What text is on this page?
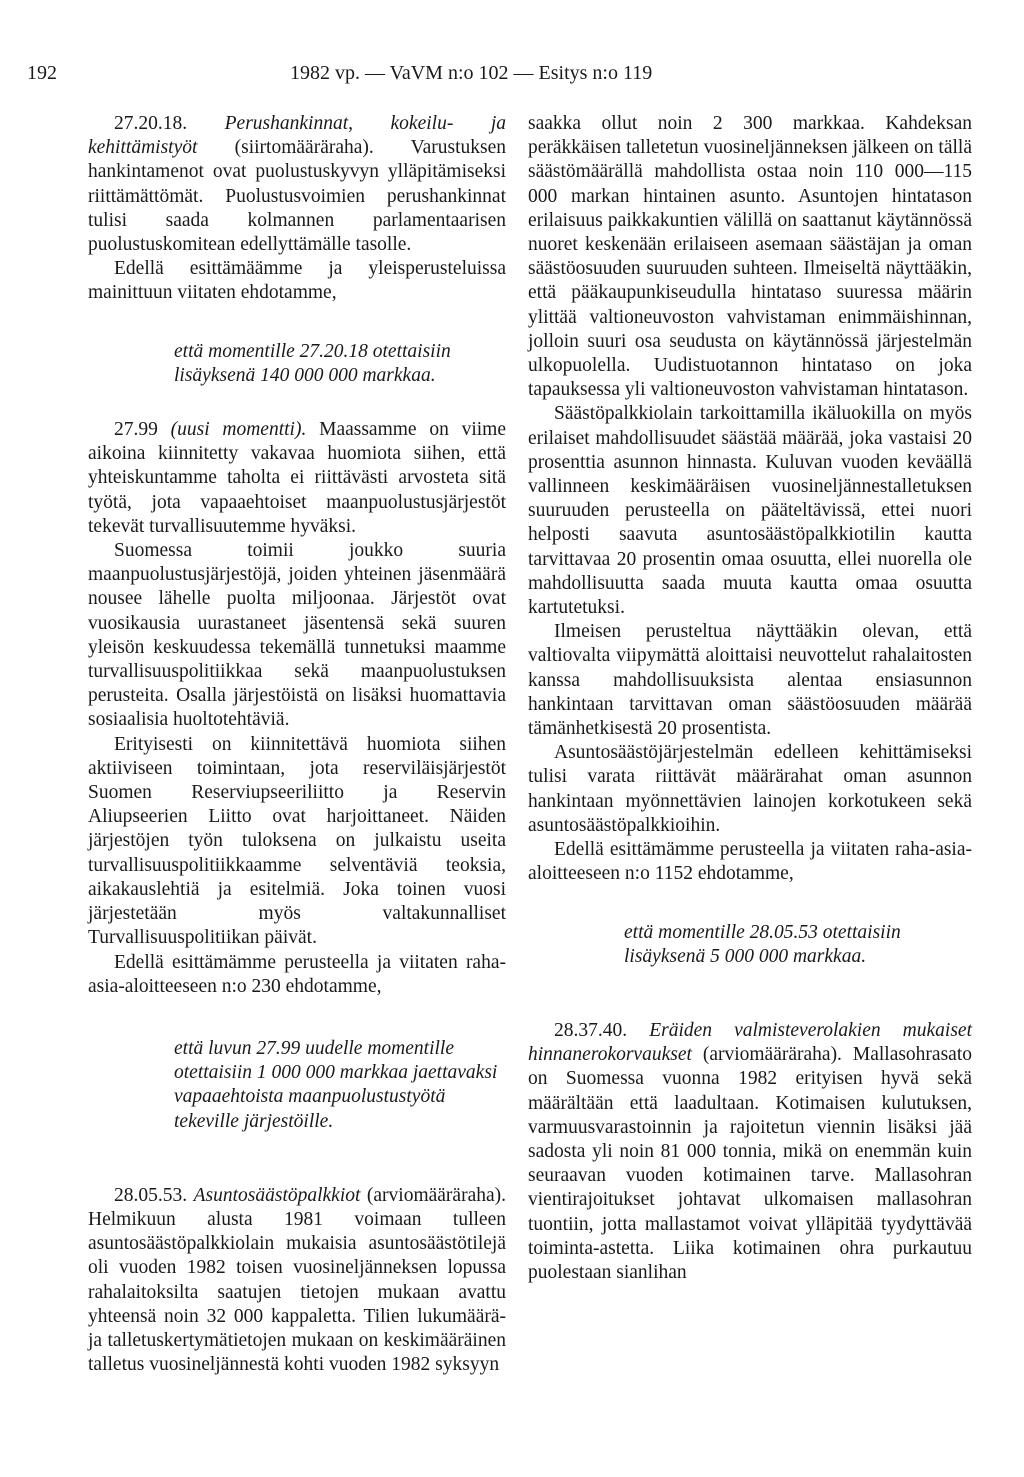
192	1982 vp. — VaVM n:o 102 — Esitys n:o 119

27.20.18. Perushankinnat, kokeilu- ja kehittämistyöt (siirtomääräraha). Varustuksen hankintamenot ovat puolustuskyvyn ylläpitämiseksi riittämättömät. Puolustusvoimien perushankinnat tulisi saada kolmannen parlamentaarisen puolustuskomitean edellyttämälle tasolle.

Edellä esittämäämme ja yleisperusteluissa mainittuun viitaten ehdotamme,

että momentille 27.20.18 otettaisiin lisäyksenä 140 000 000 markkaa.

27.99 (uusi momentti). Maassamme on viime aikoina kiinnitetty vakavaa huomiota siihen, että yhteiskuntamme taholta ei riittävästi arvosteta sitä työtä, jota vapaaehtoiset maanpuolustusjärjestöt tekevät turvallisuutemme hyväksi.

Suomessa toimii joukko suuria maanpuolustusjärjestöjä, joiden yhteinen jäsenmäärä nousee lähelle puolta miljoonaa. Järjestöt ovat vuosikausia uurastaneet jäsentensä sekä suuren yleisön keskuudessa tekemällä tunnetuksi maamme turvallisuuspolitiikkaa sekä maanpuolustuksen perusteita. Osalla järjestöistä on lisäksi huomattavia sosiaalisia huoltotehtäviä.

Erityisesti on kiinnitettävä huomiota siihen aktiiviseen toimintaan, jota reserviläisjärjestöt Suomen Reserviupseeriliitto ja Reservin Aliupseerien Liitto ovat harjoittaneet. Näiden järjestöjen työn tuloksena on julkaistu useita turvallisuuspolitiikkaamme selventäviä teoksia, aikakauslehtiä ja esitelmiä. Joka toinen vuosi järjestetään myös valtakunnalliset Turvallisuuspolitiikan päivät.

Edellä esittämämme perusteella ja viitaten raha-asia-aloitteeseen n:o 230 ehdotamme,

että luvun 27.99 uudelle momentille otettaisiin 1 000 000 markkaa jaettavaksi vapaaehtoista maanpuolustustyötä tekeville järjestöille.

28.05.53. Asuntosäästöpalkkiot (arviomääräraha). Helmikuun alusta 1981 voimaan tulleen asuntosäästöpalkkiolain mukaisia asuntosäästötilejä oli vuoden 1982 toisen vuosineljänneksen lopussa rahalaitoksilta saatujen tietojen mukaan avattu yhteensä noin 32 000 kappaletta. Tilien lukumäärä- ja talletuskertymätietojen mukaan on keskimääräinen talletus vuosineljännestä kohti vuoden 1982 syksyyn

saakka ollut noin 2 300 markkaa. Kahdeksan peräkkäisen talletetun vuosineljänneksen jälkeen on tällä säästömäärällä mahdollista ostaa noin 110 000—115 000 markan hintainen asunto. Asuntojen hintatason erilaisuus paikkakuntien välillä on saattanut käytännössä nuoret keskenään erilaiseen asemaan säästäjan ja oman säästöosuuden suuruuden suhteen. Ilmeiseltä näyttääkin, että pääkaupunkiseudulla hintataso suuressa määrin ylittää valtioneuvoston vahvistaman enimmäishinnan, jolloin suuri osa seudusta on käytännössä järjestelmän ulkopuolella. Uudistuotannon hintataso on joka tapauksessa yli valtioneuvoston vahvistaman hintatason.

Säästöpalkkiolain tarkoittamilla ikäluokilla on myös erilaiset mahdollisuudet säästää määrää, joka vastaisi 20 prosenttia asunnon hinnasta. Kuluvan vuoden keväällä vallinneen keskimääräisen vuosineljännestalletuksen suuruuden perusteella on pääteltävissä, ettei nuori helposti saavuta asuntosäästöpalkkiotilin kautta tarvittavaa 20 prosentin omaa osuutta, ellei nuorella ole mahdollisuutta saada muuta kautta omaa osuutta kartutetuksi.

Ilmeisen perusteltua näyttääkin olevan, että valtiovalta viipymättä aloittaisi neuvottelut rahalaitosten kanssa mahdollisuuksista alentaa ensiasunnon hankintaan tarvittavan oman säästöosuuden määrää tämänhetkisestä 20 prosentista.

Asuntosäästöjärjestelmän edelleen kehittämiseksi tulisi varata riittävät määrärahat oman asunnon hankintaan myönnettävien lainojen korkotukeen sekä asuntosäästöpalkkioihin.

Edellä esittämämme perusteella ja viitaten raha-asia-aloitteeseen n:o 1152 ehdotamme,

että momentille 28.05.53 otettaisiin lisäyksenä 5 000 000 markkaa.

28.37.40. Eräiden valmisteverolakien mukaiset hinnanerokorvaukset (arviomääräraha). Mallasohrasato on Suomessa vuonna 1982 erityisen hyvä sekä määrältään että laadultaan. Kotimaisen kulutuksen, varmuusvarastoinnin ja rajoitetun viennin lisäksi jää sadosta yli noin 81 000 tonnia, mikä on enemmän kuin seuraavan vuoden kotimainen tarve. Mallasohran vientirajoitukset johtavat ulkomaisen mallasohran tuontiin, jotta mallastamot voivat ylläpitää tyydyttävää toiminta-astetta. Liika kotimainen ohra purkautuu puolestaan sianlihan
